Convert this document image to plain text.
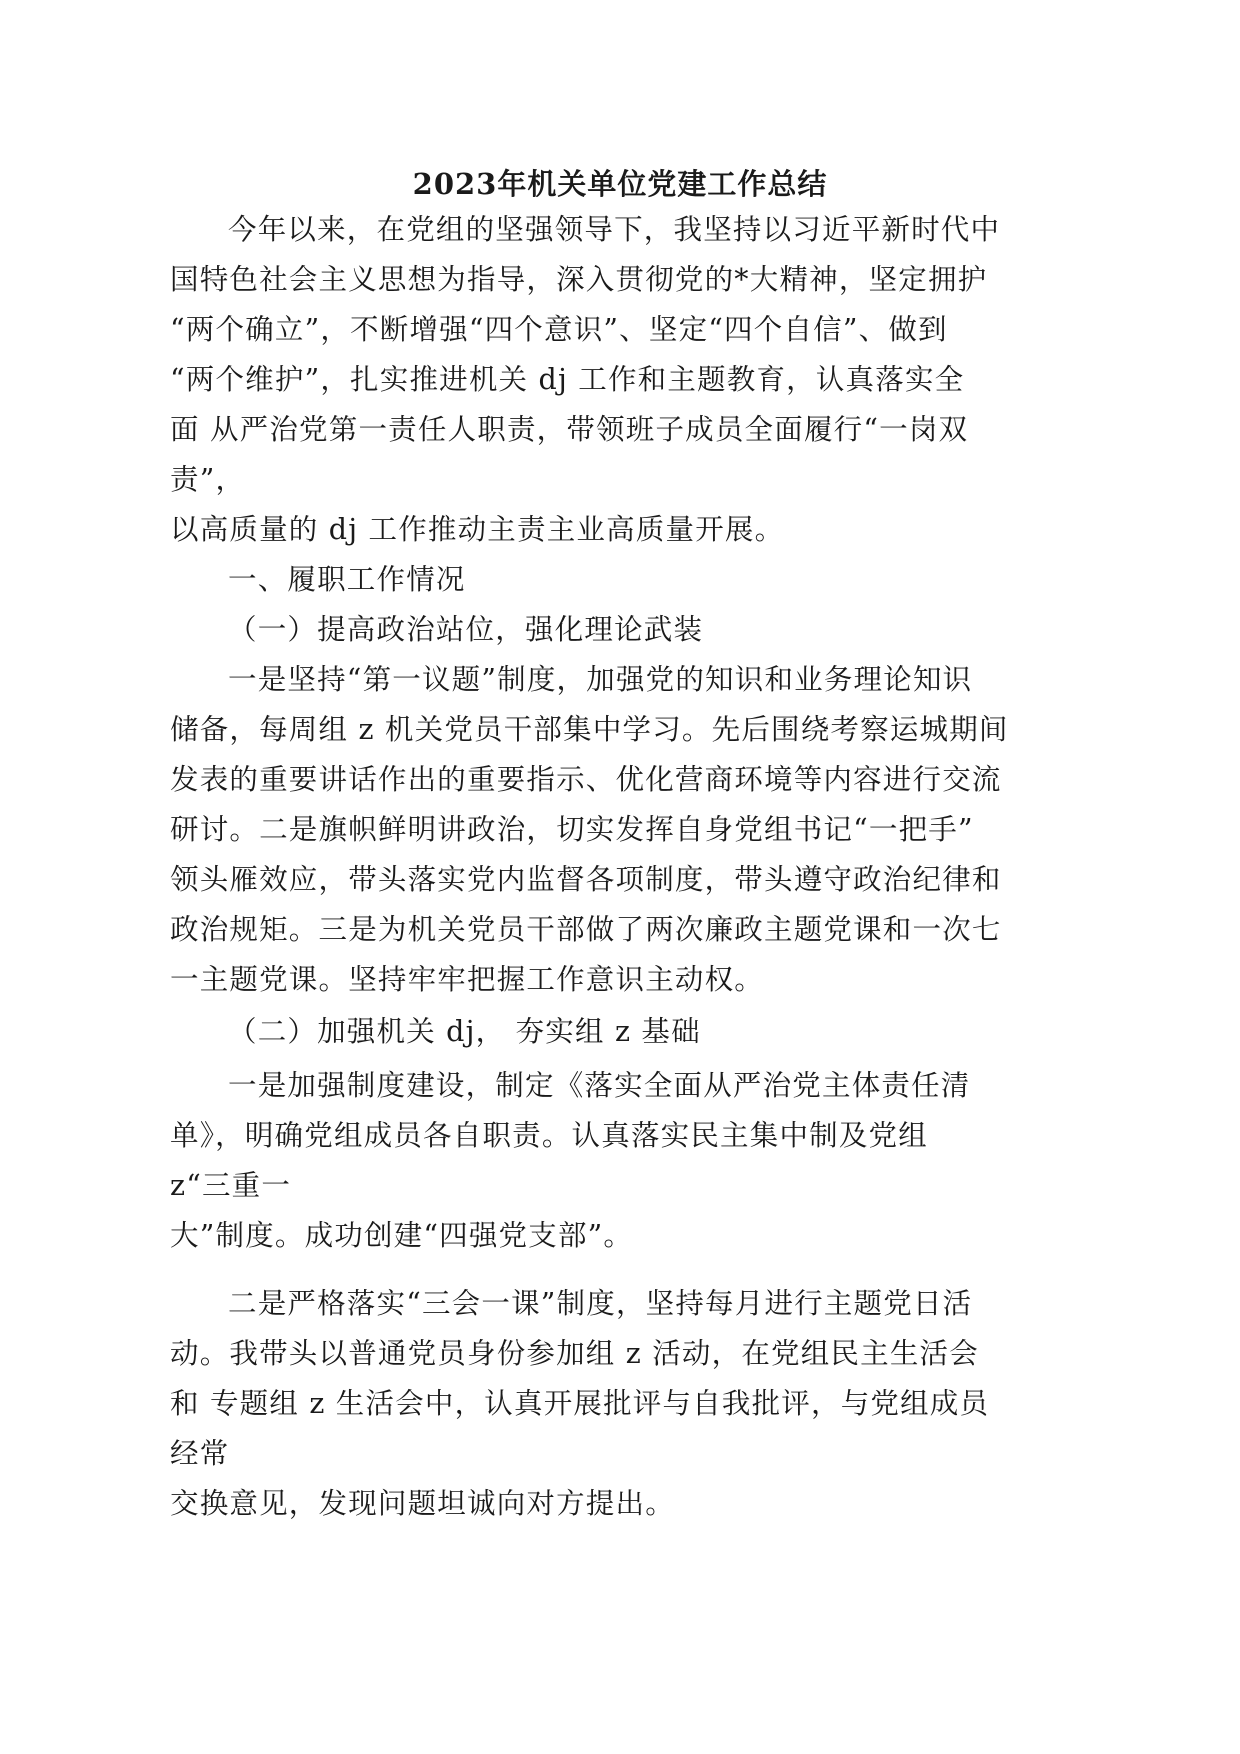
2023年机关单位党建工作总结
今年以来，在党组的坚强领导下，我坚持以习近平新时代中
国特色社会主义思想为指导，深入贯彻党的*大精神，坚定拥护
“两个确立”，不断增强“四个意识”、坚定“四个自信”、做到
“两个维护”，扎实推进机关 dj 工作和主题教育，认真落实全
面 从严治党第一责任人职责，带领班子成员全面履行“一岗双
责”，
以高质量的 dj 工作推动主责主业高质量开展。
一、履职工作情况
（一）提高政治站位，强化理论武装
一是坚持“第一议题”制度，加强党的知识和业务理论知识
储备，每周组 z 机关党员干部集中学习。先后围绕考察运城期间
发表的重要讲话作出的重要指示、优化营商环境等内容进行交流
研讨。二是旗帜鲜明讲政治，切实发挥自身党组书记“一把手”
领头雁效应，带头落实党内监督各项制度，带头遵守政治纪律和
政治规矩。三是为机关党员干部做了两次廉政主题党课和一次七
一主题党课。坚持牢牢把握工作意识主动权。
（二）加强机关 dj， 夯实组 z 基础
一是加强制度建设，制定《落实全面从严治党主体责任清
单》，明确党组成员各自职责。认真落实民主集中制及党组
z“三重一
大”制度。成功创建“四强党支部”。
二是严格落实“三会一课”制度，坚持每月进行主题党日活
动。我带头以普通党员身份参加组 z 活动，在党组民主生活会
和 专题组 z 生活会中，认真开展批评与自我批评，与党组成员
经常
交换意见，发现问题坦诚向对方提出。
